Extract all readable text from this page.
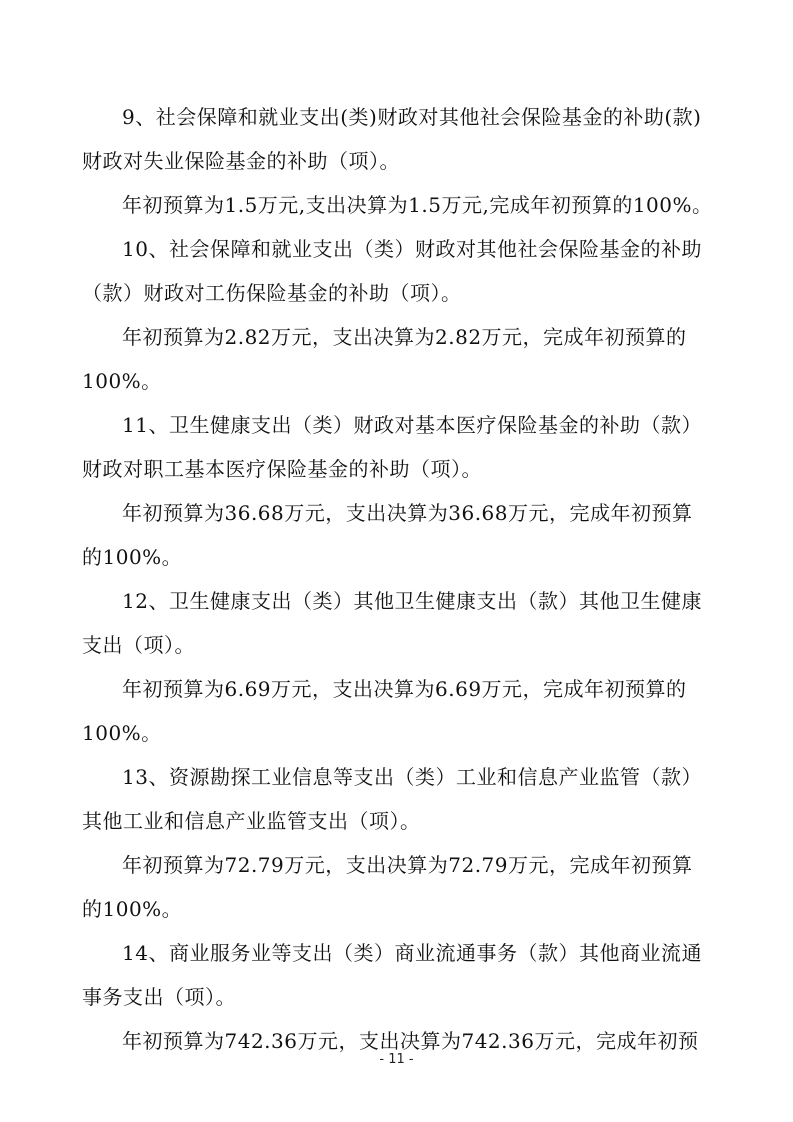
9、社会保障和就业支出(类)财政对其他社会保险基金的补助(款)
财政对失业保险基金的补助（项）。
年初预算为1.5万元,支出决算为1.5万元,完成年初预算的100%。
10、社会保障和就业支出（类）财政对其他社会保险基金的补助
（款）财政对工伤保险基金的补助（项）。
年初预算为2.82万元，支出决算为2.82万元，完成年初预算的
100%。
11、卫生健康支出（类）财政对基本医疗保险基金的补助（款）
财政对职工基本医疗保险基金的补助（项）。
年初预算为36.68万元，支出决算为36.68万元，完成年初预算
的100%。
12、卫生健康支出（类）其他卫生健康支出（款）其他卫生健康
支出（项）。
年初预算为6.69万元，支出决算为6.69万元，完成年初预算的
100%。
13、资源勘探工业信息等支出（类）工业和信息产业监管（款）
其他工业和信息产业监管支出（项）。
年初预算为72.79万元，支出决算为72.79万元，完成年初预算
的100%。
14、商业服务业等支出（类）商业流通事务（款）其他商业流通
事务支出（项）。
年初预算为742.36万元，支出决算为742.36万元，完成年初预
- 11 -
